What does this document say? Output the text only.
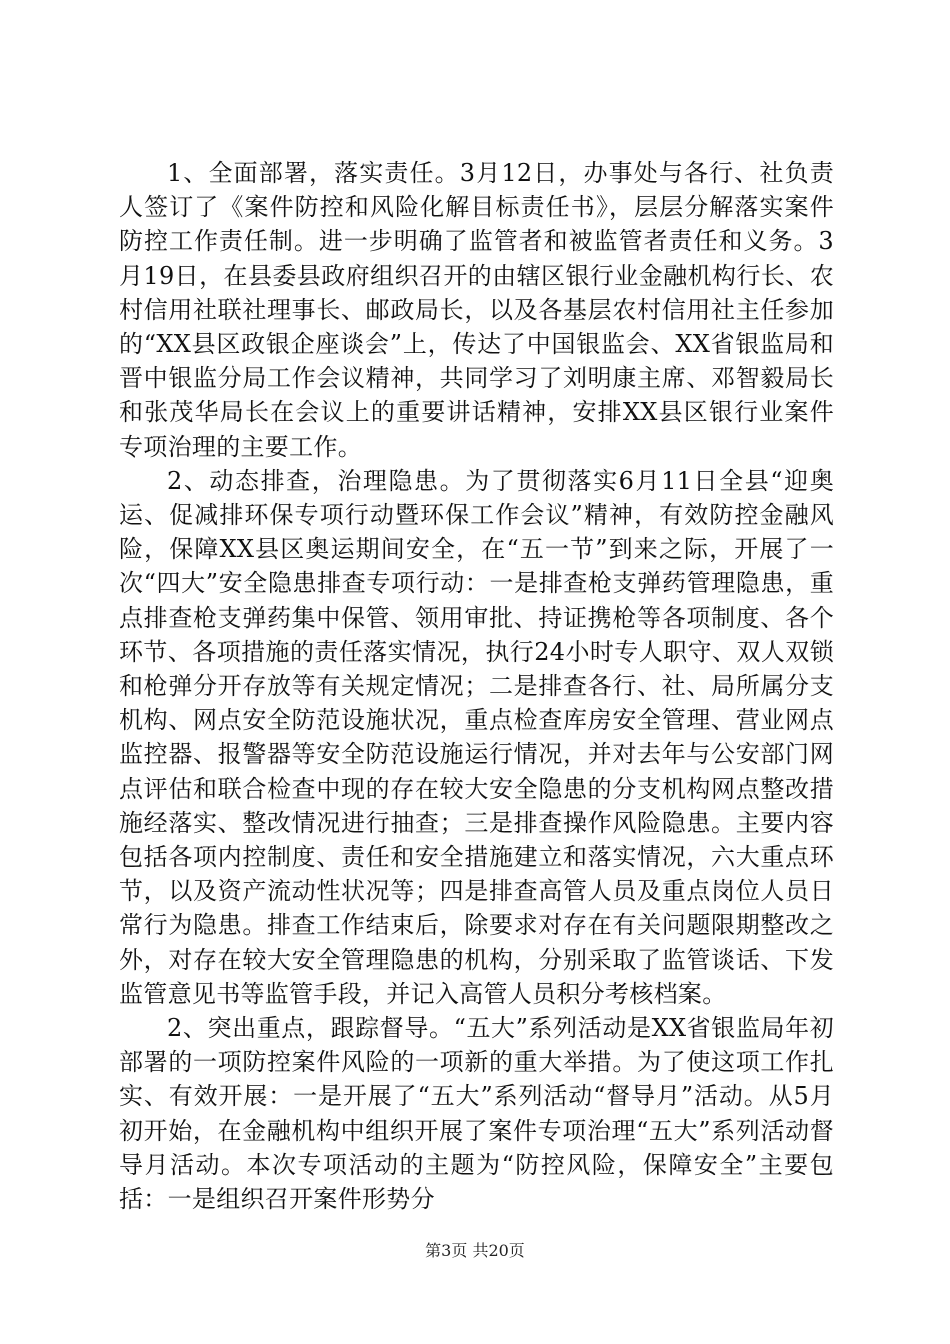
1、全面部署，落实责任。3月12日，办事处与各行、社负责人签订了《案件防控和风险化解目标责任书》，层层分解落实案件防控工作责任制。进一步明确了监管者和被监管者责任和义务。3月19日，在县委县政府组织召开的由辖区银行业金融机构行长、农村信用社联社理事长、邮政局长，以及各基层农村信用社主任参加的“XX县区政银企座谈会”上，传达了中国银监会、XX省银监局和晋中银监分局工作会议精神，共同学习了刘明康主席、邓智毅局长和张茂华局长在会议上的重要讲话精神，安排XX县区银行业案件专项治理的主要工作。

2、动态排查，治理隐患。为了贯彻落实6月11日全县“迎奥运、促减排环保专项行动暨环保工作会议”精神，有效防控金融风险，保障XX县区奥运期间安全，在“五一节”到来之际，开展了一次“四大”安全隐患排查专项行动：一是排查枪支弹药管理隐患，重点排查枪支弹药集中保管、领用审批、持证携枪等各项制度、各个环节、各项措施的责任落实情况，执行24小时专人职守、双人双锁和枪弹分开存放等有关规定情况；二是排查各行、社、局所属分支机构、网点安全防范设施状况，重点检查库房安全管理、营业网点监控器、报警器等安全防范设施运行情况，并对去年与公安部门网点评估和联合检查中现的存在较大安全隐患的分支机构网点整改措施经落实、整改情况进行抽查；三是排查操作风险隐患。主要内容包括各项内控制度、责任和安全措施建立和落实情况，六大重点环节，以及资产流动性状况等；四是排查高管人员及重点岗位人员日常行为隐患。排查工作结束后，除要求对存在有关问题限期整改之外，对存在较大安全管理隐患的机构，分别采取了监管谈话、下发监管意见书等监管手段，并记入高管人员积分考核档案。

2、突出重点，跟踪督导。“五大”系列活动是XX省银监局年初部署的一项防控案件风险的一项新的重大举措。为了使这项工作扎实、有效开展：一是开展了“五大”系列活动“督导月”活动。从5月初开始，在金融机构中组织开展了案件专项治理“五大”系列活动督导月活动。本次专项活动的主题为“防控风险，保障安全”主要包括：一是组织召开案件形势分

第3页 共20页
